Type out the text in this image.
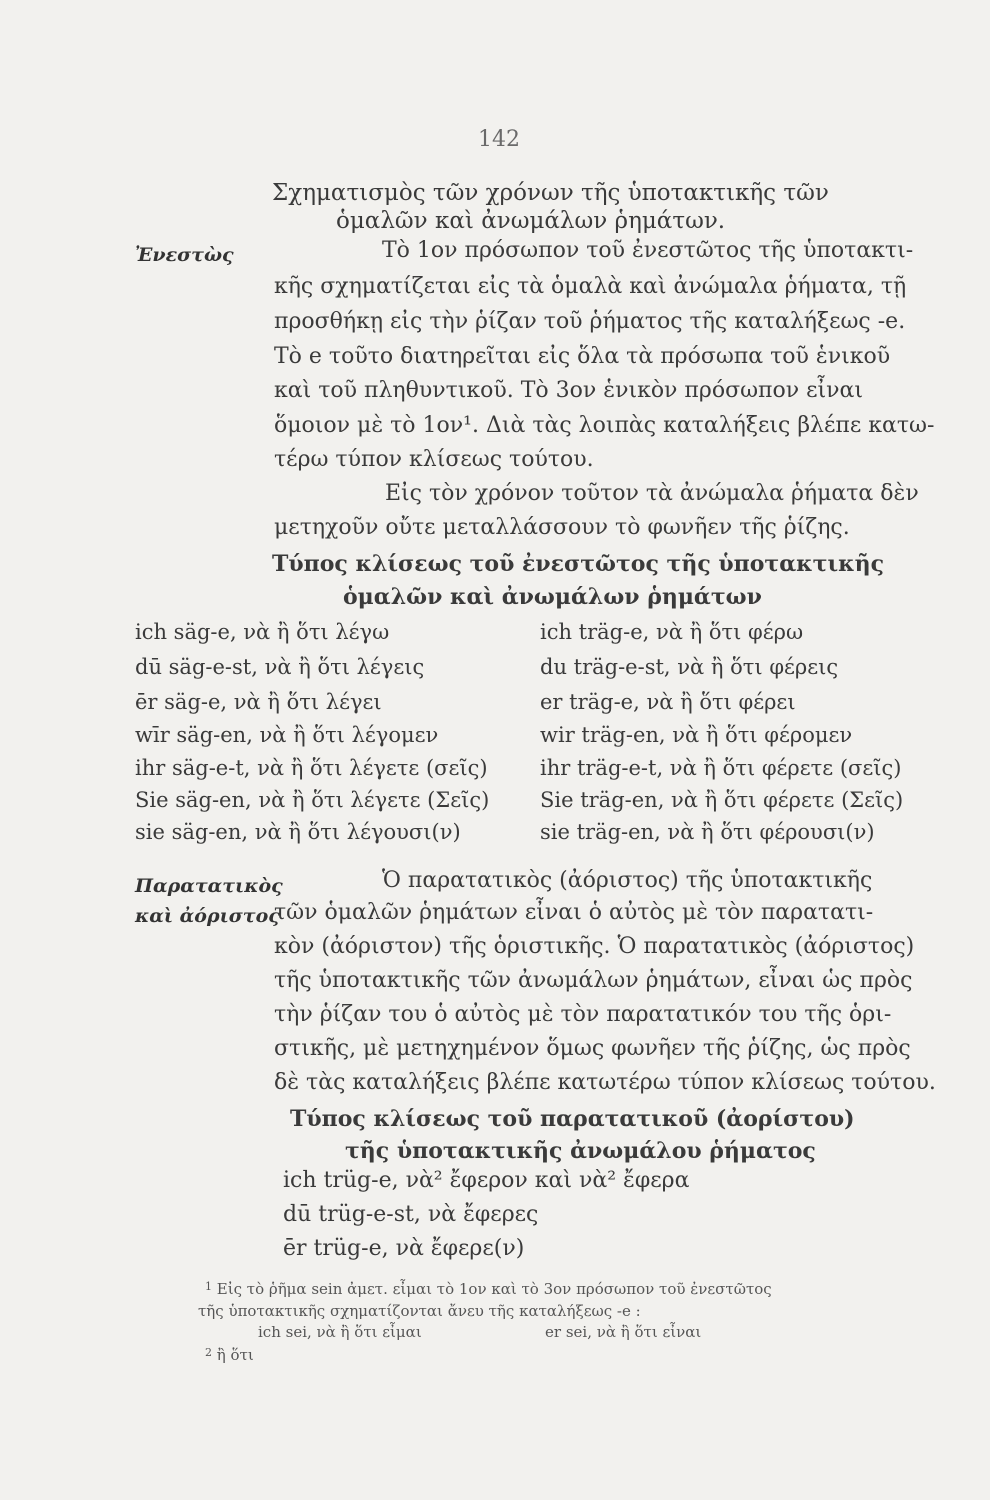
142
Σχηματισμὸς τῶν χρόνων τῆς ὑποτακτικῆς τῶν
ὁμαλῶν καὶ ἀνωμάλων ῥημάτων.
Ἐνεστὼς	Τὸ 1ον πρόσωπον τοῦ ἐνεστῶτος τῆς ὑποτακτι-
κῆς σχηματίζεται εἰς τὰ ὁμαλὰ καὶ ἀνώμαλα ῥήματα, τῇ
προσθήκῃ εἰς τὴν ῥίζαν τοῦ ῥήματος τῆς καταλήξεως -e.
Τὸ e τοῦτο διατηρεῖται εἰς ὅλα τὰ πρόσωπα τοῦ ἑνικοῦ
καὶ τοῦ πληθυντικοῦ. Τὸ 3ον ἑνικὸν πρόσωπον εἶναι
ὅμοιον μὲ τὸ 1ον¹. Διὰ τὰς λοιπὰς καταλήξεις βλέπε κατω-
τέρω τύπον κλίσεως τούτου.
Εἰς τὸν χρόνον τοῦτον τὰ ἀνώμαλα ῥήματα δὲν
μετηχοῦν οὔτε μεταλλάσσουν τὸ φωνῆεν τῆς ῥίζης.
Τύπος κλίσεως τοῦ ἐνεστῶτος τῆς ὑποτακτικῆς
ὁμαλῶν καὶ ἀνωμάλων ῥημάτων
ich säg-e, νὰ ἢ ὅτι λέγω
dū säg-e-st, νὰ ἢ ὅτι λέγεις
ēr säg-e, νὰ ἢ ὅτι λέγει
wīr säg-en, νὰ ἢ ὅτι λέγομεν
ihr säg-e-t, νὰ ἢ ὅτι λέγετε (σεῖς)
Sie säg-en, νὰ ἢ ὅτι λέγετε (Σεῖς)
sie säg-en, νὰ ἢ ὅτι λέγουσι(ν)
ich träg-e, νὰ ἢ ὅτι φέρω
du träg-e-st, νὰ ἢ ὅτι φέρεις
er träg-e, νὰ ἢ ὅτι φέρει
wir träg-en, νὰ ἢ ὅτι φέρομεν
ihr träg-e-t, νὰ ἢ ὅτι φέρετε (σεῖς)
Sie träg-en, νὰ ἢ ὅτι φέρετε (Σεῖς)
sie träg-en, νὰ ἢ ὅτι φέρουσι(ν)
Παρατατικὸς
καὶ ἀόριστος
Ὁ παρατατικὸς (ἀόριστος) τῆς ὑποτακτικῆς
τῶν ὁμαλῶν ῥημάτων εἶναι ὁ αὐτὸς μὲ τὸν παρατατι-
κὸν (ἀόριστον) τῆς ὁριστικῆς. Ὁ παρατατικὸς (ἀόριστος)
τῆς ὑποτακτικῆς τῶν ἀνωμάλων ῥημάτων, εἶναι ὡς πρὸς
τὴν ῥίζαν του ὁ αὐτὸς μὲ τὸν παρατατικόν του τῆς ὁρι-
στικῆς, μὲ μετηχημένον ὅμως φωνῆεν τῆς ῥίζης, ὡς πρὸς
δὲ τὰς καταλήξεις βλέπε κατωτέρω τύπον κλίσεως τούτου.
Τύπος κλίσεως τοῦ παρατατικοῦ (ἀορίστου)
τῆς ὑποτακτικῆς ἀνωμάλου ῥήματος
ich trüg-e, νὰ² ἔφερον καὶ νὰ² ἔφερα
dū trüg-e-st, νὰ ἔφερες
ēr trüg-e, νὰ ἔφερε(ν)
$^1$ Εἰς τὸ ῥῆμα sein ἀμετ. εἶμαι τὸ 1ον καὶ τὸ 3ον πρόσωπον τοῦ ἐνεστῶτος
τῆς ὑποτακτικῆς σχηματίζονται ἄνευ τῆς καταλήξεως -e :
ich sei, νὰ ἢ ὅτι εἶμαι	er sei, νὰ ἢ ὅτι εἶναι
$^2$ ἢ ὅτι
